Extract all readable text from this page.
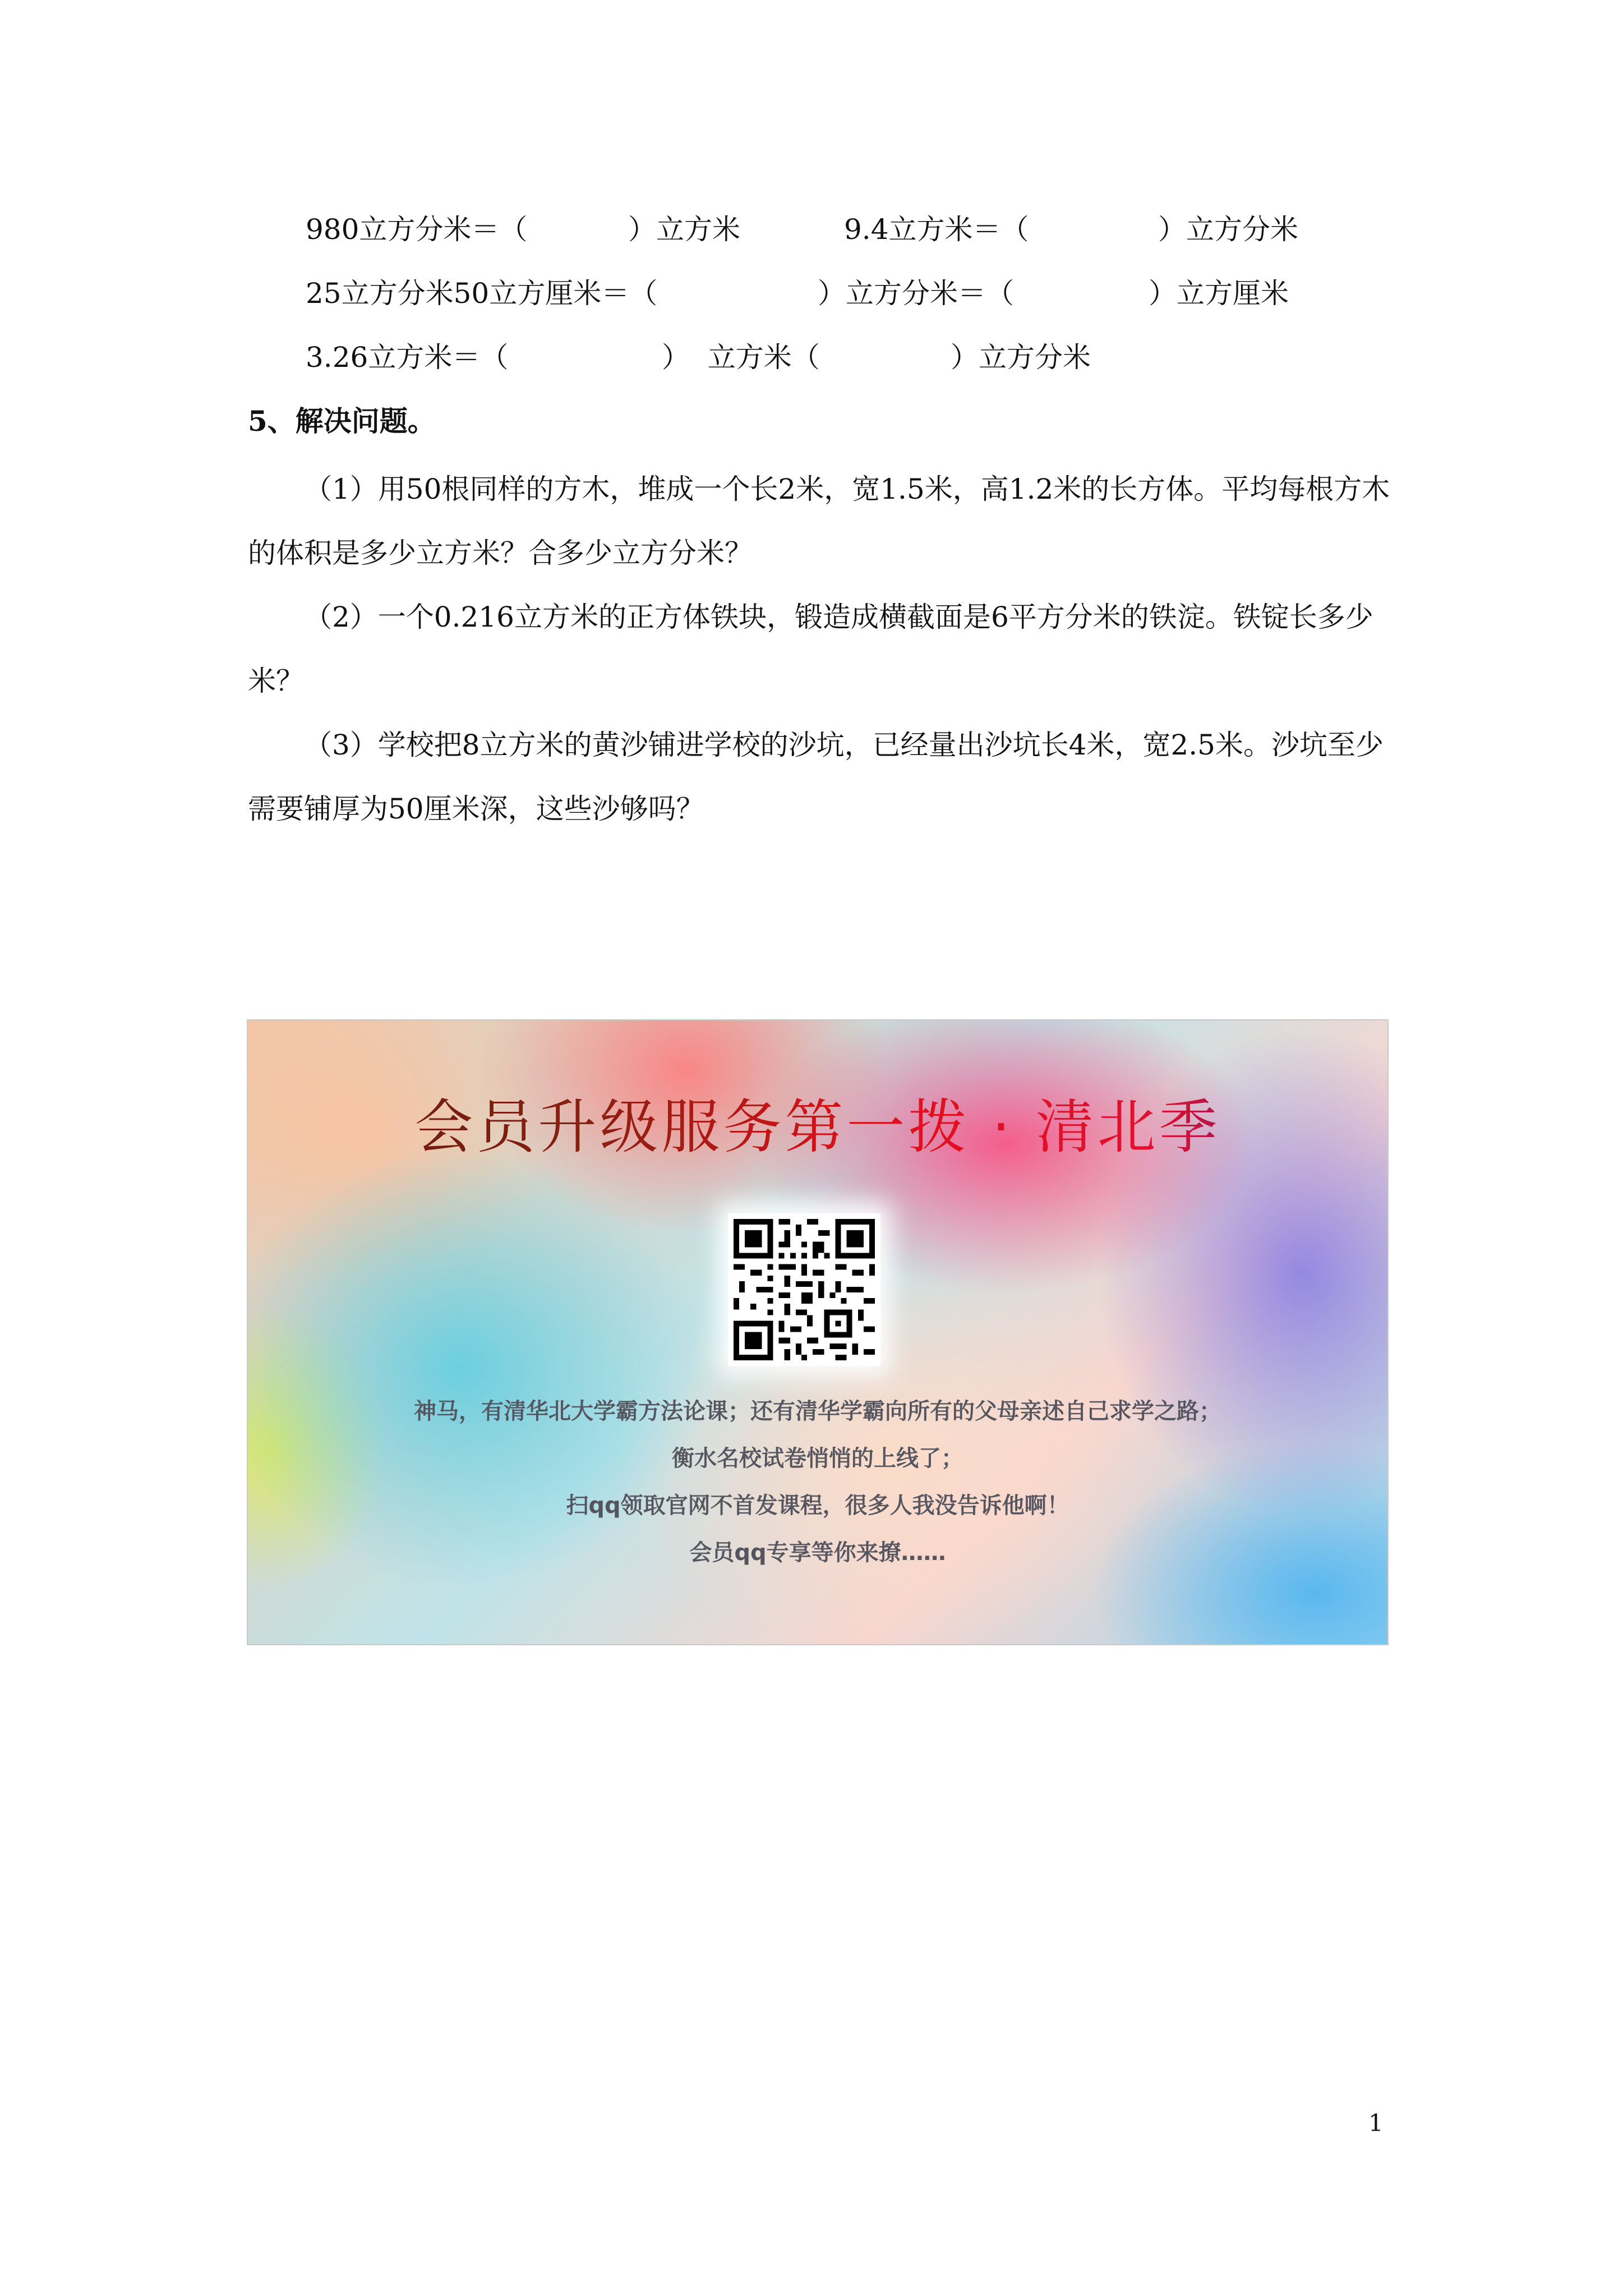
980立方分米＝（	）立方米	9.4立方米＝（	）立方分米
25立方分米50立方厘米＝（	）立方分米＝（	）立方厘米
3.26立方米＝（	）  立方米（	）立方分米
5、解决问题。

（1）用50根同样的方木，堆成一个长2米，宽1.5米，高1.2米的长方体。平均每根方木的体积是多少立方米？合多少立方分米？

（2）一个0.216立方米的正方体铁块，锻造成横截面是6平方分米的铁淀。铁锭长多少米？

（3）学校把8立方米的黄沙铺进学校的沙坑，已经量出沙坑长4米，宽2.5米。沙坑至少需要铺厚为50厘米深，这些沙够吗？

会员升级服务第一拨 · 清北季
神马，有清华北大学霸方法论课；还有清华学霸向所有的父母亲述自己求学之路；
衡水名校试卷悄悄的上线了；
扫qq领取官网不首发课程，很多人我没告诉他啊！
会员qq专享等你来撩……
1
